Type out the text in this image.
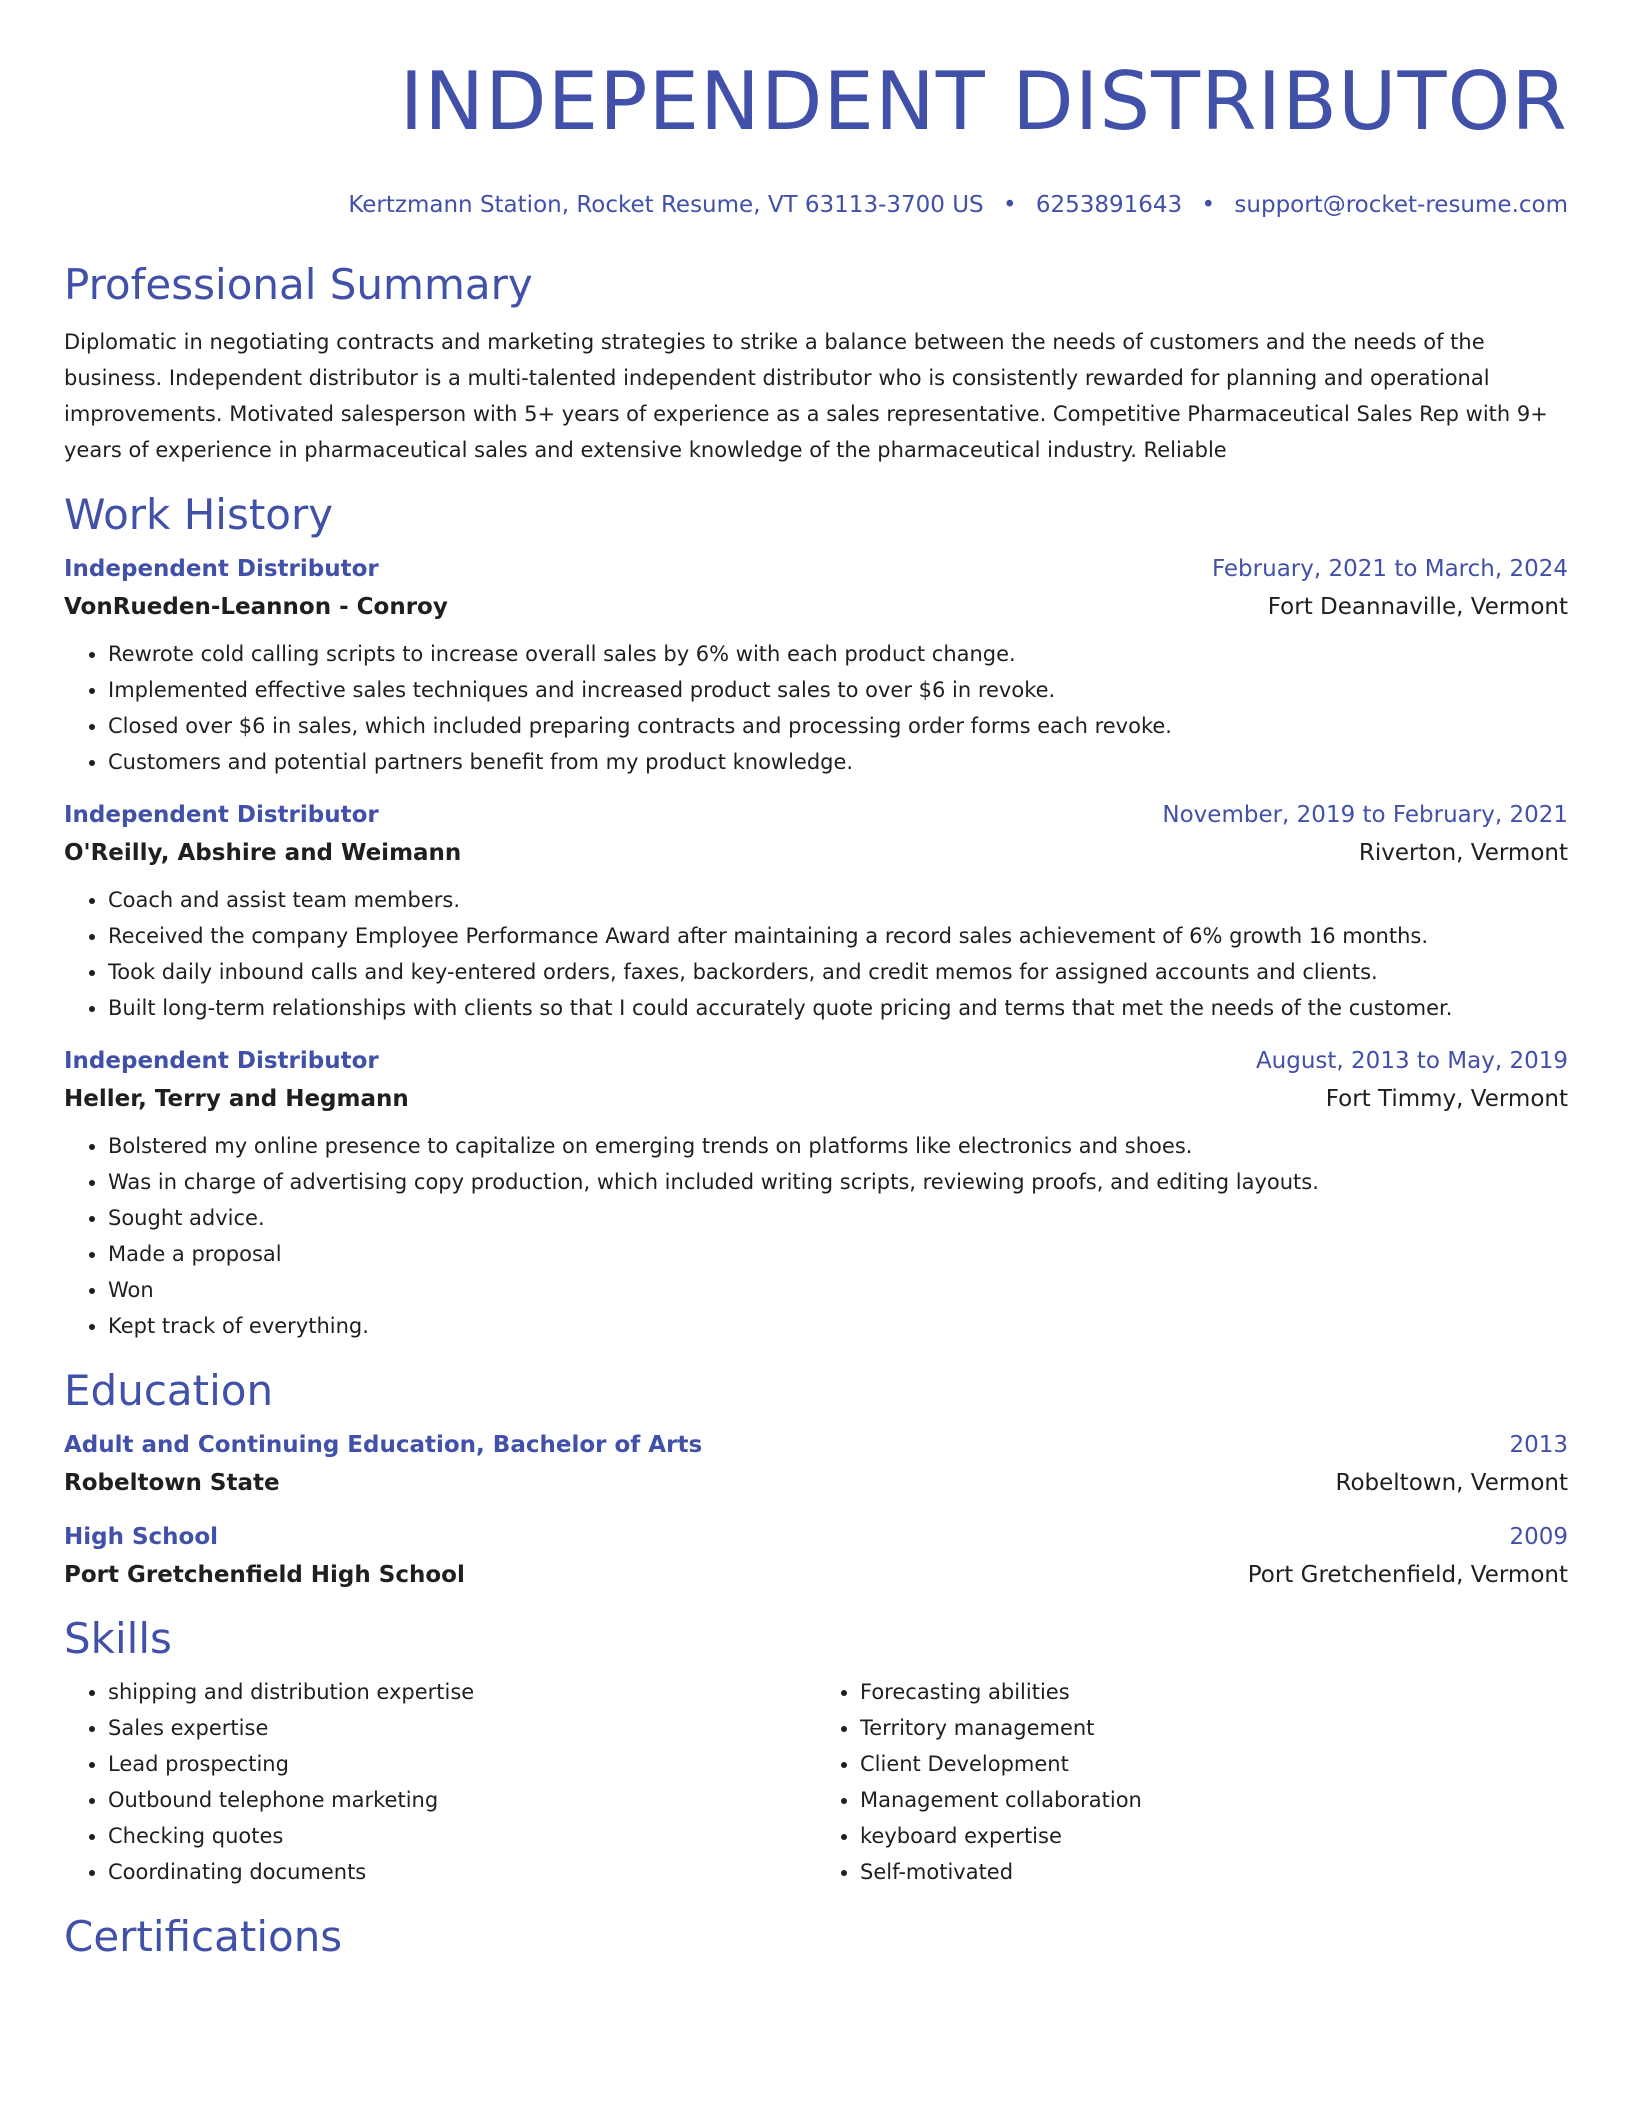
INDEPENDENT DISTRIBUTOR
Kertzmann Station, Rocket Resume, VT 63113-3700 US • 6253891643 • support@rocket-resume.com
Professional Summary

Diplomatic in negotiating contracts and marketing strategies to strike a balance between the needs of customers and the needs of the business. Independent distributor is a multi-talented independent distributor who is consistently rewarded for planning and operational improvements. Motivated salesperson with 5+ years of experience as a sales representative. Competitive Pharmaceutical Sales Rep with 9+ years of experience in pharmaceutical sales and extensive knowledge of the pharmaceutical industry. Reliable

Work History
Independent Distributor	February, 2021 to March, 2024
VonRueden-Leannon - Conroy	Fort Deannaville, Vermont
• Rewrote cold calling scripts to increase overall sales by 6% with each product change.
• Implemented effective sales techniques and increased product sales to over $6 in revoke.
• Closed over $6 in sales, which included preparing contracts and processing order forms each revoke.
• Customers and potential partners benefit from my product knowledge.
Independent Distributor	November, 2019 to February, 2021
O'Reilly, Abshire and Weimann	Riverton, Vermont
• Coach and assist team members.
• Received the company Employee Performance Award after maintaining a record sales achievement of 6% growth 16 months.
• Took daily inbound calls and key-entered orders, faxes, backorders, and credit memos for assigned accounts and clients.
• Built long-term relationships with clients so that I could accurately quote pricing and terms that met the needs of the customer.
Independent Distributor	August, 2013 to May, 2019
Heller, Terry and Hegmann	Fort Timmy, Vermont
• Bolstered my online presence to capitalize on emerging trends on platforms like electronics and shoes.
• Was in charge of advertising copy production, which included writing scripts, reviewing proofs, and editing layouts.
• Sought advice.
• Made a proposal
• Won
• Kept track of everything.
Education
Adult and Continuing Education, Bachelor of Arts	2013
Robeltown State	Robeltown, Vermont
High School	2009
Port Gretchenfield High School	Port Gretchenfield, Vermont
Skills
• shipping and distribution expertise
• Sales expertise
• Lead prospecting
• Outbound telephone marketing
• Checking quotes
• Coordinating documents
• Forecasting abilities
• Territory management
• Client Development
• Management collaboration
• keyboard expertise
• Self-motivated
Certifications
